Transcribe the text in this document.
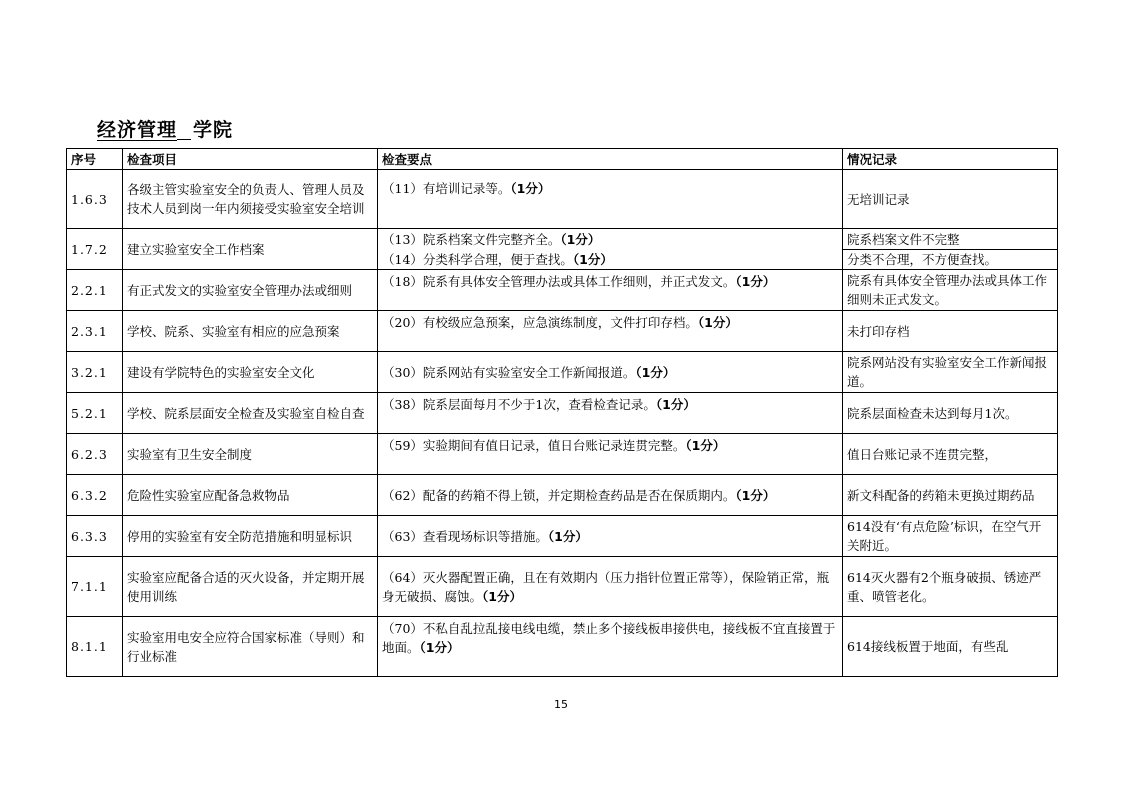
经济管理 学院
序号	检查项目	检查要点	情况记录
1.6.3	各级主管实验室安全的负责人、管理人员及技术人员到岗一年内须接受实验室安全培训	（11）有培训记录等。（1分）	无培训记录
1.7.2	建立实验室安全工作档案	（13）院系档案文件完整齐全。（1分）	院系档案文件不完整
		（14）分类科学合理，便于查找。（1分）	分类不合理，不方便查找。
2.2.1	有正式发文的实验室安全管理办法或细则	（18）院系有具体安全管理办法或具体工作细则，并正式发文。（1分）	院系有具体安全管理办法或具体工作细则未正式发文。
2.3.1	学校、院系、实验室有相应的应急预案	（20）有校级应急预案，应急演练制度，文件打印存档。（1分）	未打印存档
3.2.1	建设有学院特色的实验室安全文化	（30）院系网站有实验室安全工作新闻报道。（1分）	院系网站没有实验室安全工作新闻报道。
5.2.1	学校、院系层面安全检查及实验室自检自查	（38）院系层面每月不少于1次，查看检查记录。（1分）	院系层面检查未达到每月1次。
6.2.3	实验室有卫生安全制度	（59）实验期间有值日记录，值日台账记录连贯完整。（1分）	值日台账记录不连贯完整，
6.3.2	危险性实验室应配备急救物品	（62）配备的药箱不得上锁，并定期检查药品是否在保质期内。（1分）	新文科配备的药箱未更换过期药品
6.3.3	停用的实验室有安全防范措施和明显标识	（63）查看现场标识等措施。（1分）	614没有‘有点危险’标识，在空气开关附近。
7.1.1	实验室应配备合适的灭火设备，并定期开展使用训练	（64）灭火器配置正确，且在有效期内（压力指针位置正常等），保险销正常，瓶身无破损、腐蚀。（1分）	614灭火器有2个瓶身破损、锈迹严重、喷管老化。
8.1.1	实验室用电安全应符合国家标准（导则）和行业标准	（70）不私自乱拉乱接电线电缆，禁止多个接线板串接供电，接线板不宜直接置于地面。（1分）	614接线板置于地面，有些乱
15
